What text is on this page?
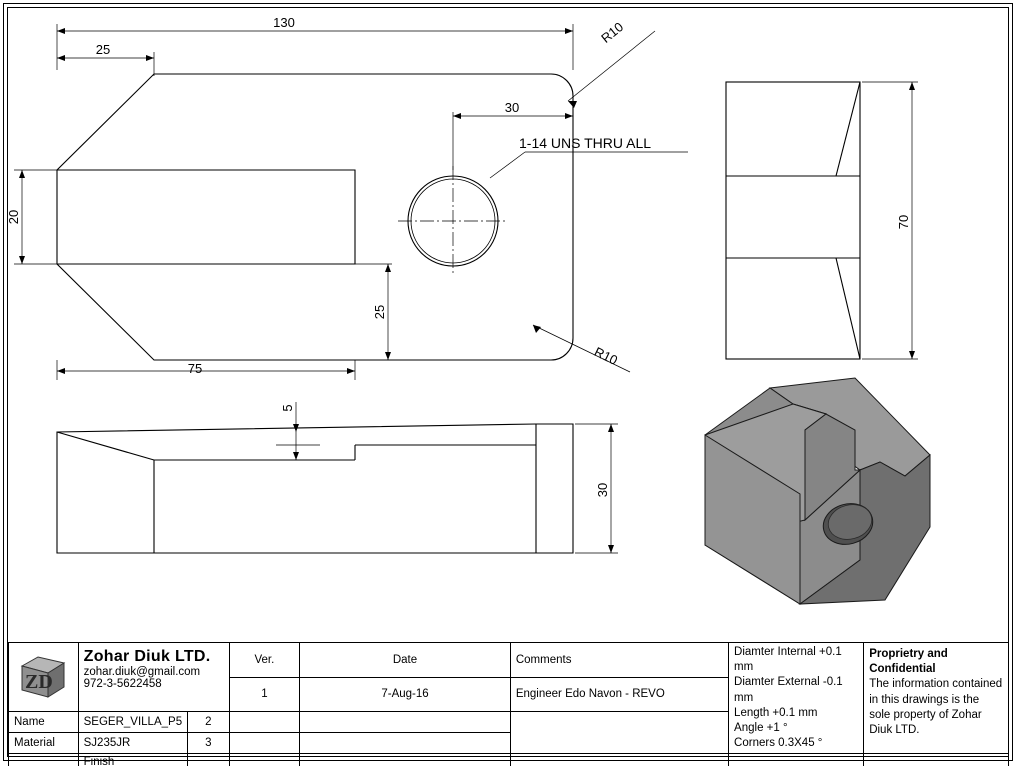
130
25
30
20
25
75
R10
R10
1-14 UNS THRU ALL
70
5
30
ZD

Zohar Diuk LTD.
zohar.diuk@gmail.com
972-3-5622458
	Ver.	Date	Comments	
Diamter Internal +0.1 mm
Diamter External -0.1 mm
Length +0.1 mm
Angle +1 °
Corners 0.3X45 °

Proprietry and Confidential
The information contained in this drawings is the sole property of Zohar Diuk LTD.

			1	7-Aug-16	Engineer Edo Navon - REVO		
Name	SEGER_VILLA_P5	2					
Material	SJ235JR	3					
	Finish						
